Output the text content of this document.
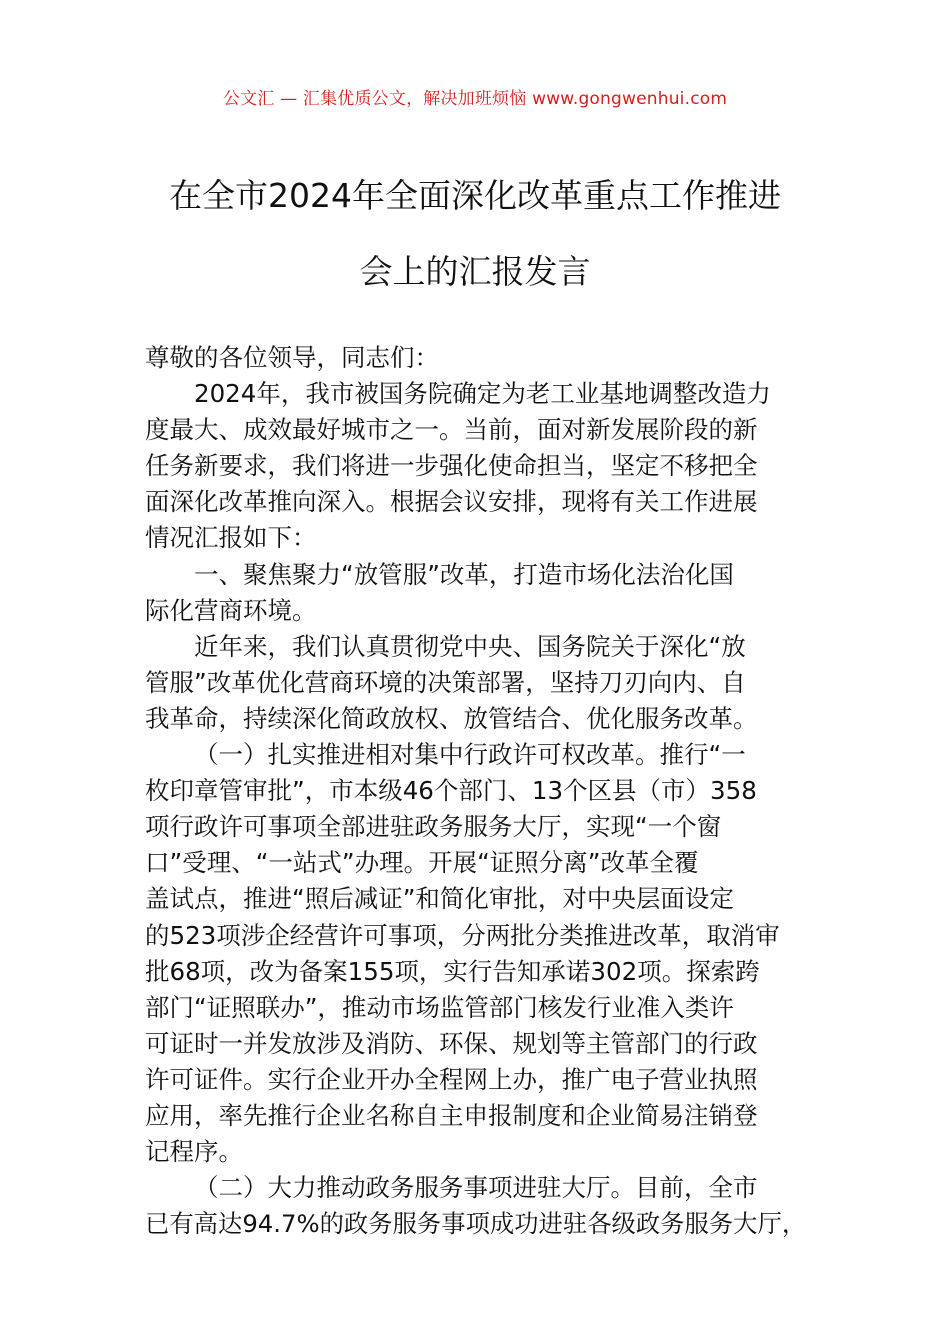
公文汇 — 汇集优质公文，解决加班烦恼 www.gongwenhui.com
在全市2024年全面深化改革重点工作推进
会上的汇报发言
尊敬的各位领导，同志们：
2024年，我市被国务院确定为老工业基地调整改造力
度最大、成效最好城市之一。当前，面对新发展阶段的新
任务新要求，我们将进一步强化使命担当，坚定不移把全
面深化改革推向深入。根据会议安排，现将有关工作进展
情况汇报如下：
一、聚焦聚力“放管服”改革，打造市场化法治化国
际化营商环境。
近年来，我们认真贯彻党中央、国务院关于深化“放
管服”改革优化营商环境的决策部署，坚持刀刃向内、自
我革命，持续深化简政放权、放管结合、优化服务改革。
（一）扎实推进相对集中行政许可权改革。推行“一
枚印章管审批”，市本级46个部门、13个区县（市）358
项行政许可事项全部进驻政务服务大厅，实现“一个窗
口”受理、“一站式”办理。开展“证照分离”改革全覆
盖试点，推进“照后减证”和简化审批，对中央层面设定
的523项涉企经营许可事项，分两批分类推进改革，取消审
批68项，改为备案155项，实行告知承诺302项。探索跨
部门“证照联办”，推动市场监管部门核发行业准入类许
可证时一并发放涉及消防、环保、规划等主管部门的行政
许可证件。实行企业开办全程网上办，推广电子营业执照
应用，率先推行企业名称自主申报制度和企业简易注销登
记程序。
（二）大力推动政务服务事项进驻大厅。目前，全市
已有高达94.7%的政务服务事项成功进驻各级政务服务大厅，
